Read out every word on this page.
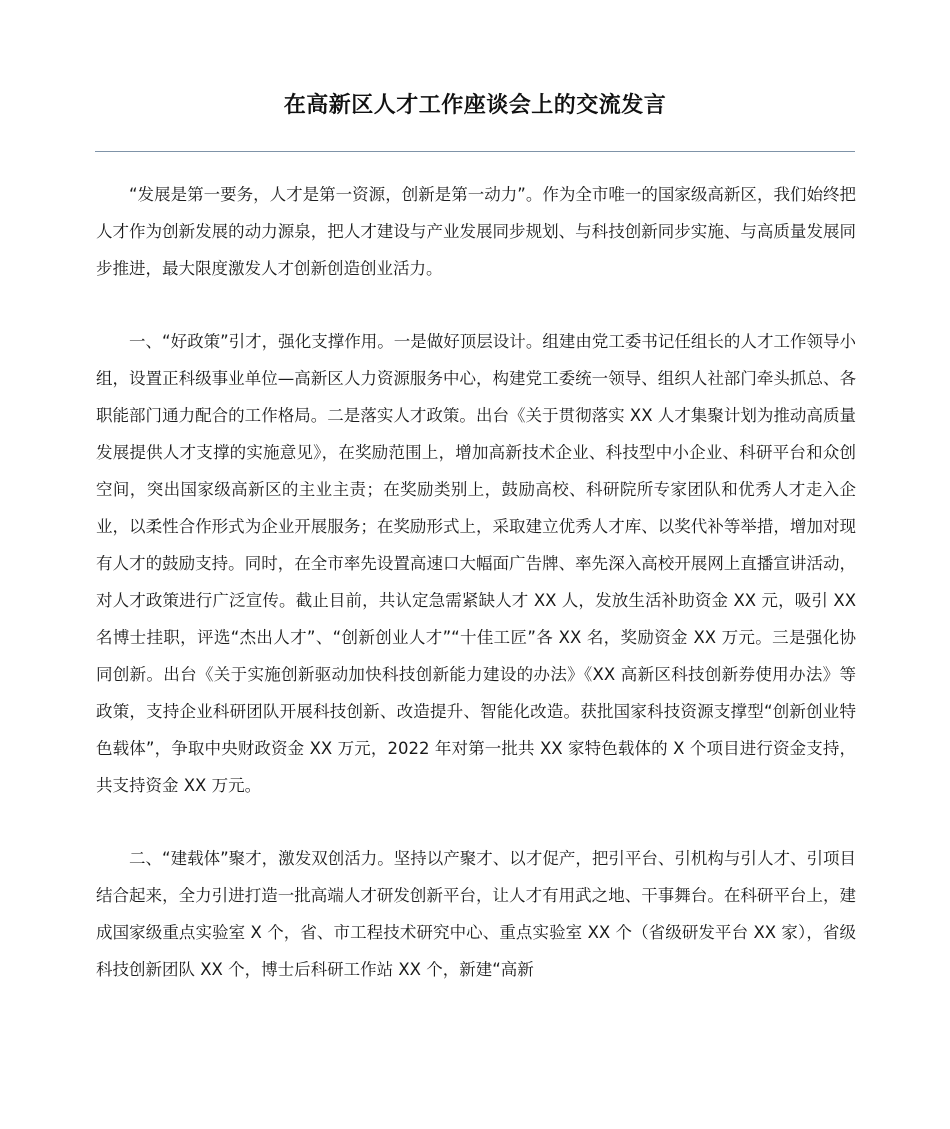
在高新区人才工作座谈会上的交流发言

“发展是第一要务，人才是第一资源，创新是第一动力”。作为全市唯一的国家级高新区，我们始终把人才作为创新发展的动力源泉，把人才建设与产业发展同步规划、与科技创新同步实施、与高质量发展同步推进，最大限度激发人才创新创造创业活力。

一、“好政策”引才，强化支撑作用。一是做好顶层设计。组建由党工委书记任组长的人才工作领导小组，设置正科级事业单位—高新区人力资源服务中心，构建党工委统一领导、组织人社部门牵头抓总、各职能部门通力配合的工作格局。二是落实人才政策。出台《关于贯彻落实 XX 人才集聚计划为推动高质量发展提供人才支撑的实施意见》，在奖励范围上，增加高新技术企业、科技型中小企业、科研平台和众创空间，突出国家级高新区的主业主责；在奖励类别上，鼓励高校、科研院所专家团队和优秀人才走入企业，以柔性合作形式为企业开展服务；在奖励形式上，采取建立优秀人才库、以奖代补等举措，增加对现有人才的鼓励支持。同时，在全市率先设置高速口大幅面广告牌、率先深入高校开展网上直播宣讲活动，对人才政策进行广泛宣传。截止目前，共认定急需紧缺人才 XX 人，发放生活补助资金 XX 元，吸引 XX 名博士挂职，评选“杰出人才”、“创新创业人才”“十佳工匠”各 XX 名，奖励资金 XX 万元。三是强化协同创新。出台《关于实施创新驱动加快科技创新能力建设的办法》《XX 高新区科技创新券使用办法》等政策，支持企业科研团队开展科技创新、改造提升、智能化改造。获批国家科技资源支撑型“创新创业特色载体”，争取中央财政资金 XX 万元，2022 年对第一批共 XX 家特色载体的 X 个项目进行资金支持，共支持资金 XX 万元。

二、“建载体”聚才，激发双创活力。坚持以产聚才、以才促产，把引平台、引机构与引人才、引项目结合起来，全力引进打造一批高端人才研发创新平台，让人才有用武之地、干事舞台。在科研平台上，建成国家级重点实验室 X 个，省、市工程技术研究中心、重点实验室 XX 个（省级研发平台 XX 家），省级科技创新团队 XX 个，博士后科研工作站 XX 个，新建“高新
